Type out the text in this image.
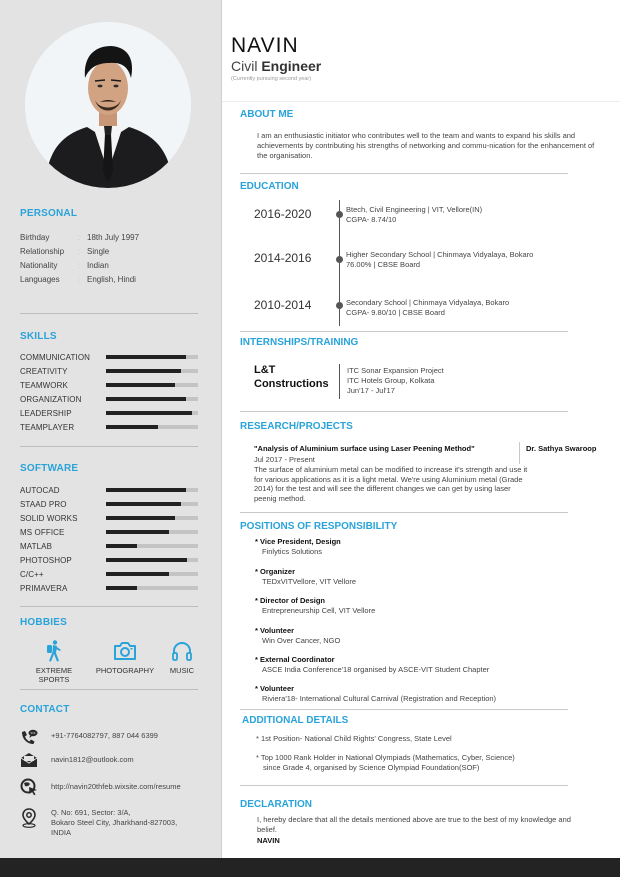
PERSONAL
Birthday	: 18th July 1997
Relationship	: Single
Nationality	: Indian
Languages	: English, Hindi
SKILLS
COMMUNICATION
CREATIVITY
TEAMWORK
ORGANIZATION
LEADERSHIP
TEAMPLAYER
SOFTWARE
AUTOCAD
STAAD PRO
SOLID WORKS
MS OFFICE
MATLAB
PHOTOSHOP
C/C++
PRIMAVERA
HOBBIES
EXTREME SPORTS
PHOTOGRAPHY	MUSIC
CONTACT
+91-7764082797, 887 044 6399
navin1812@outlook.com
http://navin20thfeb.wixsite.com/resume
Q. No: 691, Sector: 3/A,
Bokaro Steel City, Jharkhand-827003,
INDIA
NAVIN
Civil Engineer
(Currently pursuing second year)
ABOUT ME
I am an enthusiastic initiator who contributes well to the team and wants to expand his skills and achievements by contributing his strengths of networking and commu-nication for the enhancement of the organisation.
EDUCATION
2016-2020	Btech, Civil Engineering | VIT, Vellore(IN)
CGPA- 8.74/10
2014-2016	Higher Secondary School | Chinmaya Vidyalaya, Bokaro
76.00% | CBSE Board
2010-2014	Secondary School | Chinmaya Vidyalaya, Bokaro
CGPA- 9.80/10 | CBSE Board
INTERNSHIPS/TRAINING
L&T
Constructions
ITC Sonar Expansion Project
ITC Hotels Group, Kolkata
Jun'17 - Jul'17
RESEARCH/PROJECTS
"Analysis of Aluminium surface using Laser Peening Method"	Dr. Sathya Swaroop
Jul 2017 - Present
The surface of aluminium metal can be modified to increase it's strength and use it for various applications as it is a light metal. We're using Aluminium metal (Grade 2014) for the test and will see the different changes we can get by using laser peenig method.
POSITIONS OF RESPONSIBILITY
* Vice President, Design
Finlytics Solutions
* Organizer
TEDxVITVellore, VIT Vellore
* Director of Design
Entrepreneurship Cell, VIT Vellore
* Volunteer
Win Over Cancer, NGO
* External Coordinator
ASCE India Conference'18 organised by ASCE-VIT Student Chapter
* Volunteer
Riviera'18- International Cultural Carnival (Registration and Reception)
ADDITIONAL DETAILS
* 1st Position- National Child Rights' Congress, State Level
* Top 1000 Rank Holder in National Olympiads (Mathematics, Cyber, Science)
since Grade 4, organised by Science Olympiad Foundation(SOF)
DECLARATION
I, hereby declare that all the details mentioned above are true to the best of my knowledge and belief.
NAVIN
